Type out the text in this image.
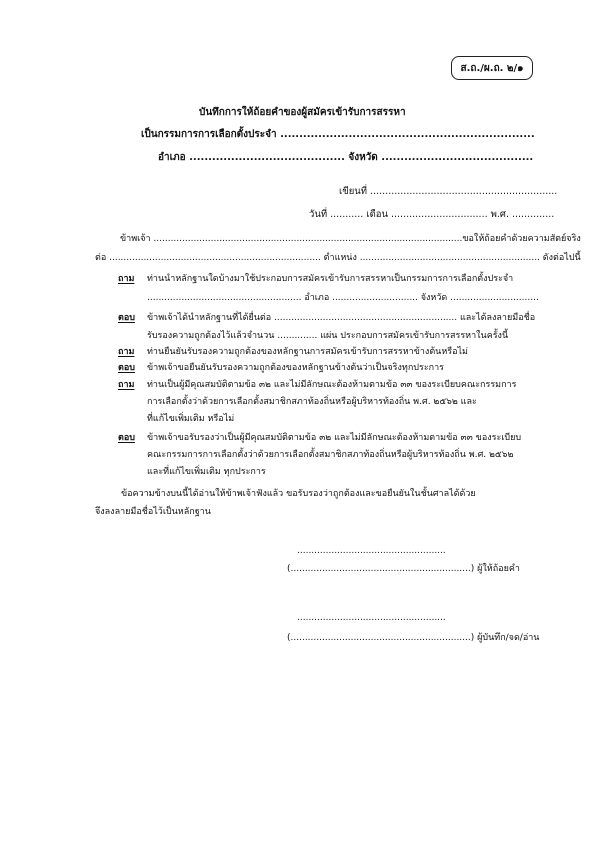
ส.ถ./ผ.ถ. ๒/๑
บันทึกการให้ถ้อยคำของผู้สมัครเข้ารับการสรรหา
เป็นกรรมการการเลือกตั้งประจำ ...................................................................
อำเภอ ......................................... จังหวัด ........................................
เขียนที่ ..............................................................
วันที่ ........... เดือน ................................ พ.ศ. ..............
ข้าพเจ้า ............................................................................................................ขอให้ถ้อยคำด้วยความสัตย์จริง
ต่อ .......................................................................... ตำแหน่ง ............................................................... ดังต่อไปนี้
ถาม ท่านนำหลักฐานใดบ้างมาใช้ประกอบการสมัครเข้ารับการสรรหาเป็นกรรมการการเลือกตั้งประจำ
...................................................... อำเภอ .............................. จังหวัด ...............................
ตอบ ข้าพเจ้าได้นำหลักฐานที่ได้ยื่นต่อ ................................................................ และได้ลงลายมือชื่อ
รับรองความถูกต้องไว้แล้วจำนวน .............. แผ่น ประกอบการสมัครเข้ารับการสรรหาในครั้งนี้
ถาม ท่านยืนยันรับรองความถูกต้องของหลักฐานการสมัครเข้ารับการสรรหาข้างต้นหรือไม่
ตอบ ข้าพเจ้าขอยืนยันรับรองความถูกต้องของหลักฐานข้างต้นว่าเป็นจริงทุกประการ
ถาม ท่านเป็นผู้มีคุณสมบัติตามข้อ ๓๒ และไม่มีลักษณะต้องห้ามตามข้อ ๓๓ ของระเบียบคณะกรรมการ
การเลือกตั้งว่าด้วยการเลือกตั้งสมาชิกสภาท้องถิ่นหรือผู้บริหารท้องถิ่น พ.ศ. ๒๕๖๒ และ
ที่แก้ไขเพิ่มเติม หรือไม่
ตอบ ข้าพเจ้าขอรับรองว่าเป็นผู้มีคุณสมบัติตามข้อ ๓๒ และไม่มีลักษณะต้องห้ามตามข้อ ๓๓ ของระเบียบ
คณะกรรมการการเลือกตั้งว่าด้วยการเลือกตั้งสมาชิกสภาท้องถิ่นหรือผู้บริหารท้องถิ่น พ.ศ. ๒๕๖๒
และที่แก้ไขเพิ่มเติม ทุกประการ
ข้อความข้างบนนี้ได้อ่านให้ข้าพเจ้าฟังแล้ว ขอรับรองว่าถูกต้องและขอยืนยันในชั้นศาลได้ด้วย
จึงลงลายมือชื่อไว้เป็นหลักฐาน
....................................................
(...............................................................) ผู้ให้ถ้อยคำ
....................................................
(...............................................................) ผู้บันทึก/จด/อ่าน
